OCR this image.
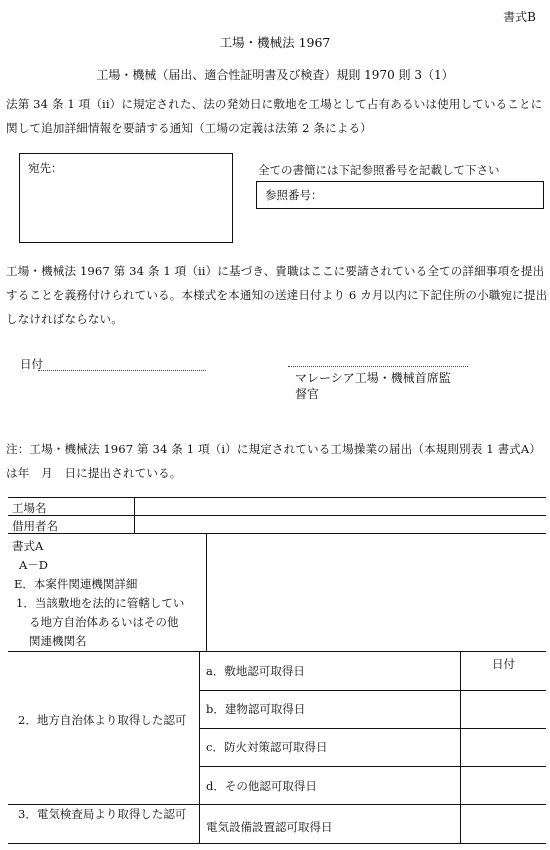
書式B
工場・機械法 1967
工場・機械（届出、適合性証明書及び検査）規則 1970 則 3（1）
法第 34 条 1 項（ii）に規定された、法の発効日に敷地を工場として占有あるいは使用していることに関して追加詳細情報を要請する通知（工場の定義は法第 2 条による）
宛先：	全ての書簡には下記参照番号を記載して下さい
参照番号：
工場・機械法 1967 第 34 条 1 項（ii）に基づき、貴職はここに要請されている全ての詳細事項を提出することを義務付けられている。本様式を本通知の送達日付より 6 カ月以内に下記住所の小職宛に提出しなければならない。
日付
マレーシア工場・機械首席監
督官
注：工場・機械法 1967 第 34 条 1 項（i）に規定されている工場操業の届出（本規則別表 1 書式A）は年　月　日に提出されている。
工場名
借用者名
書式A
A－D
E．本案件関連機関詳細
1．当該敷地を法的に管轄してい
る地方自治体あるいはその他
関連機関名
2．地方自治体より取得した認可
3．電気検査局より取得した認可
日付
a．敷地認可取得日
b．建物認可取得日
c．防火対策認可取得日
d．その他認可取得日
電気設備設置認可取得日
